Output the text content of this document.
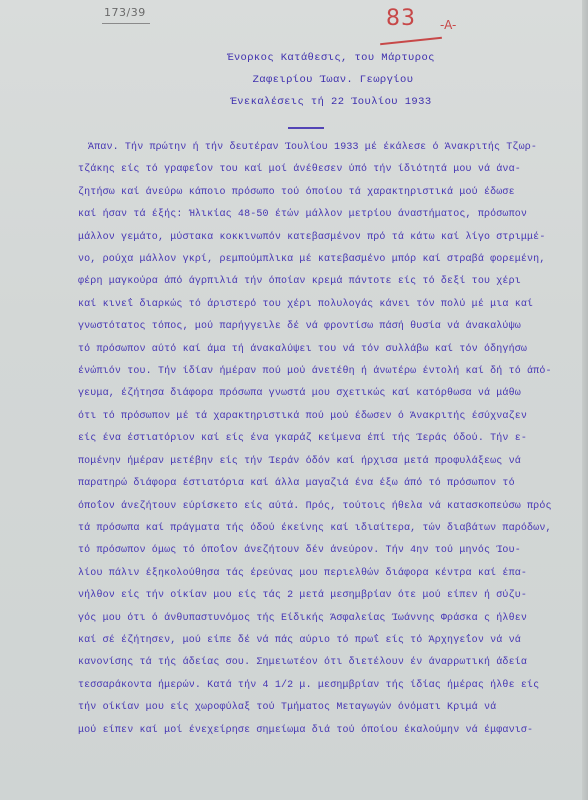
173/39	83 -A-
Ένορκος Κατάθεσις, του Μάρτυρος
Ζαφειρίου Ίωαν. Γεωργίου
Ένεκαλέσεις τή 22 Ίουλίου 1933
Άπαν. Τήν πρώτην ή τήν δευτέραν Ίουλίου 1933 μέ έκάλεσε ό Άνακριτής Τζωρ-
τζάκης είς τό γραφεΐον του καί μοί άνέθεσεν ύπό τήν ίδιότητά μου νά άνα-
ζητήσω καί άνεύρω κάποιο πρόσωπο τού όποίου τά χαρακτηριστικά μού έδωσε
καί ήσαν τά έξής: Ήλικίας 48-50 έτών μάλλον μετρίου άναστήματος, πρόσωπον
μάλλον γεμάτο, μύστακα κοκκινωπόν κατεβασμένον πρό τά κάτω καί λίγο στριμμέ-
νο, ρούχα μάλλον γκρί, ρεμπούμπλικα μέ κατεβασμένο μπόρ καί στραβά φορεμένη,
φέρη μαγκούρα άπό άγρπιλιά τήν όποίαν κρεμά πάντοτε είς τό δεξί του χέρι
καί κινεΐ διαρκώς τό άριστερό του χέρι πολυλογάς κάνει τόν πολύ μέ μια καί
γνωστότατος τόπος, μού παρήγγειλε δέ νά φροντίσω πάσή θυσία νά άνακαλύψω
τό πρόσωπον αύτό καί άμα τή άνακαλύψει του νά τόν συλλάβω καί τόν όδηγήσω
ένώπιόν του. Τήν ίδίαν ήμέραν πού μού άνετέθη ή άνωτέρω έντολή καί δή τό άπό-
γευμα, έζήτησα διάφορα πρόσωπα γνωστά μου σχετικώς καί κατόρθωσα νά μάθω
ότι τό πρόσωπον μέ τά χαρακτηριστικά πού μού έδωσεν ό Άνακριτής έσύχναζεν
είς ένα έστιατόριον καί είς ένα γκαράζ κείμενα έπί τής Ίεράς όδού. Τήν ε-
πομένην ήμέραν μετέβην είς τήν Ίεράν όδόν καί ήρχισα μετά προφυλάξεως νά
παρατηρώ διάφορα έστιατόρια καί άλλα μαγαζιά ένα έξω άπό τό πρόσωπον τό
όποΐον άνεζήτουν εύρίσκετο είς αύτά. Πρός, τούτοις ήθελα νά κατασκοπεύσω πρός
τά πρόσωπα καί πράγματα τής όδού έκείνης καί ιδιαίτερα, τών διαβάτων παρόδων,
τό πρόσωπον όμως τό όποΐον άνεζήτουν δέν άνεύρον. Τήν 4ην τού μηνός Ίου-
λίου πάλιν έξηκολούθησα τάς έρεύνας μου περιελθών διάφορα κέντρα καί έπα-
νήλθον είς τήν οίκίαν μου είς τάς 2 μετά μεσημβρίαν ότε μού είπεν ή σύζυ-
γός μου ότι ό άνθυπαστυνόμος τής Είδικής Άσφαλείας Ίωάννης Φράσκα ς ήλθεν
καί σέ έζήτησεν, μού είπε δέ νά πάς αύριο τό πρωΐ είς τό Άρχηγεΐον νά νά
κανονίσης τά τής άδείας σου. Σημειωτέον ότι διετέλουν έν άναρρωτική άδεία
τεσσαράκοντα ήμερών. Κατά τήν 4 1/2 μ. μεσημβρίαν τής ίδίας ήμέρας ήλθε είς
τήν οίκίαν μου είς χωροφύλαξ τού Τμήματος Μεταγωγών όνόματι Κριμά νά
μού είπεν καί μοί ένεχείρησε σημείωμα διά τού όποίου έκαλούμην νά έμφανισ-
